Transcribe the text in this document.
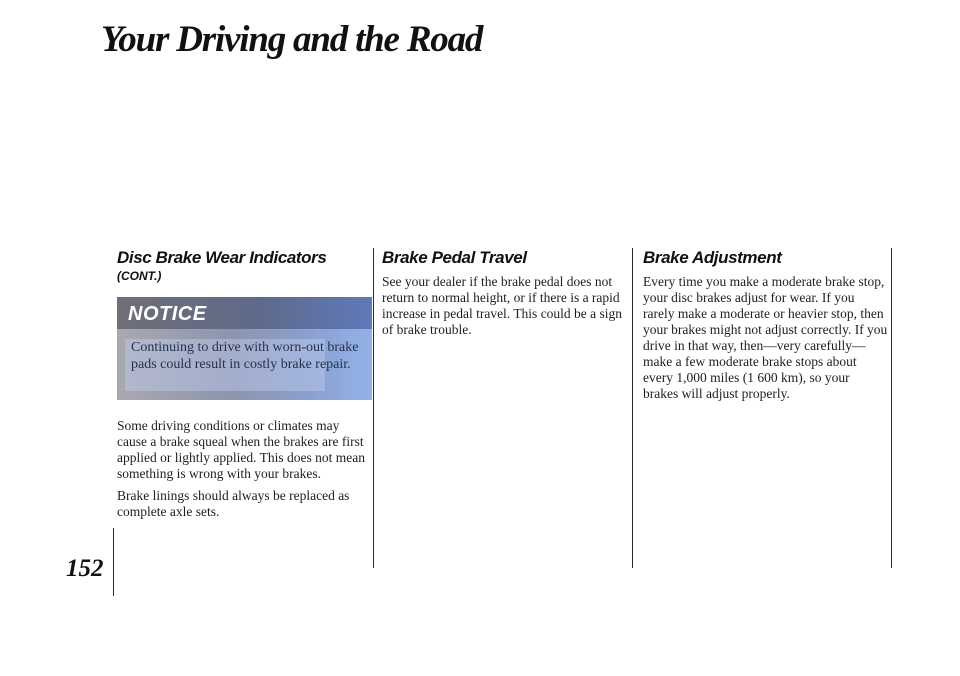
Your Driving and the Road
152
Disc Brake Wear Indicators
(CONT.)
NOTICE
Continuing to drive with worn-out brake pads could result in costly brake repair.

Some driving conditions or climates may cause a brake squeal when the brakes are first applied or lightly applied. This does not mean something is wrong with your brakes.

Brake linings should always be replaced as complete axle sets.

Brake Pedal Travel

See your dealer if the brake pedal does not return to normal height, or if there is a rapid increase in pedal travel. This could be a sign of brake trouble.

Brake Adjustment

Every time you make a moderate brake stop, your disc brakes adjust for wear. If you rarely make a moderate or heavier stop, then your brakes might not adjust correctly. If you drive in that way, then—very carefully—make a few moderate brake stops about every 1,000 miles (1 600 km), so your brakes will adjust properly.
